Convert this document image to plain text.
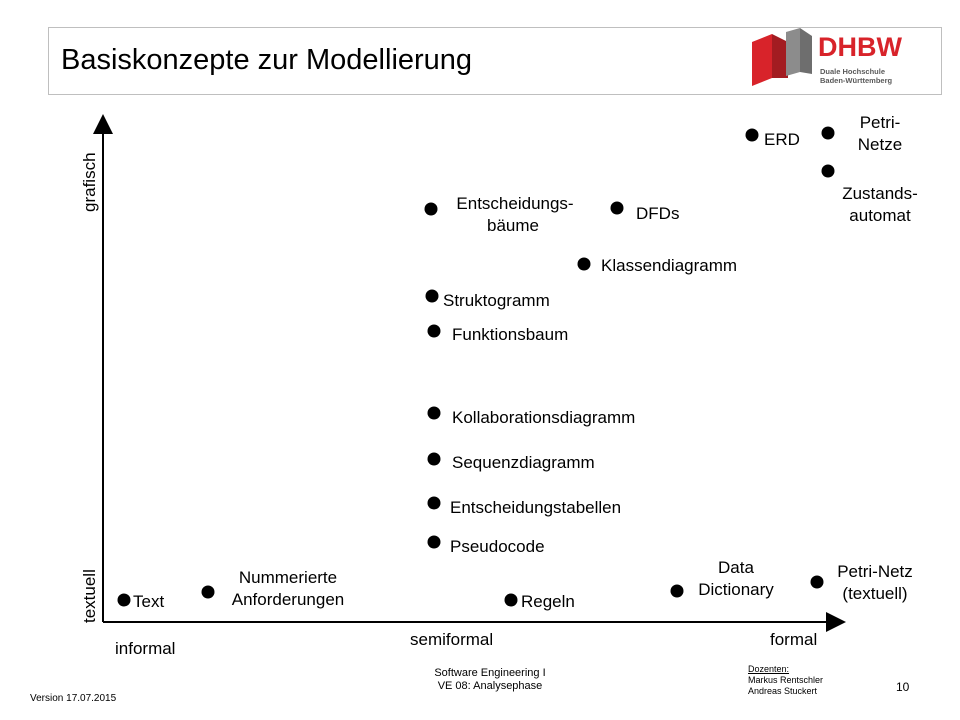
Basiskonzepte zur Modellierung	DHBW
Duale Hochschule
Baden-Württemberg
grafisch
textuell
informal	semiformal	formal
ERD
Petri-
Netze
Zustands-
automat
Entscheidungs-
bäume
DFDs
Klassendiagramm
Struktogramm
Funktionsbaum
Kollaborationsdiagramm
Sequenzdiagramm
Entscheidungstabellen
Pseudocode
Text
Nummerierte
Anforderungen	Regeln
Data
Dictionary
Petri-Netz
(textuell)
Version 17.07.2015
Software Engineering I
VE 08: Analysephase
Dozenten:
Markus Rentschler
Andreas Stuckert	10
